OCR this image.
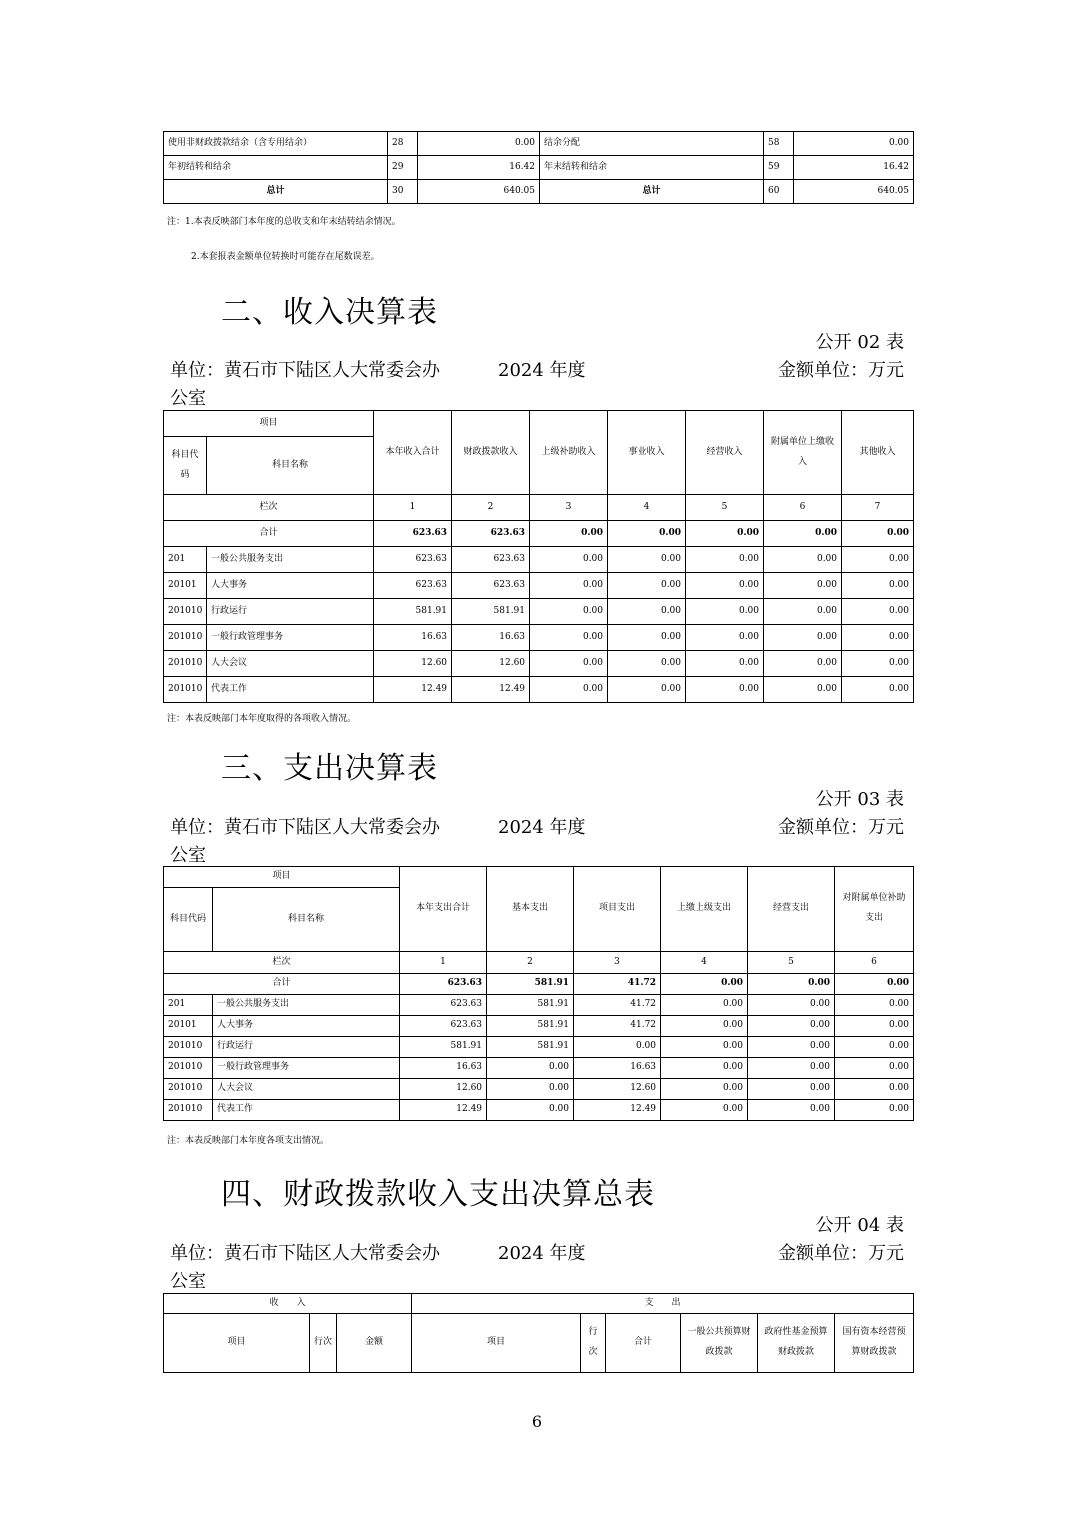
使用非财政拨款结余（含专用结余）	28	0.00	结余分配	58	0.00
年初结转和结余	29	16.42	年末结转和结余	59	16.42
总计	30	640.05	总计	60	640.05
注：1.本表反映部门本年度的总收支和年末结转结余情况。
2.本套报表金额单位转换时可能存在尾数误差。
二、收入决算表
公开 02 表
单位：黄石市下陆区人大常委会办	2024 年度	金额单位：万元
公室
项目		本年收入合计	财政拨款收入	上级补助收入	事业收入	经营收入	附属单位上缴收入	其他收入
科目代码	科目名称							
栏次		1	2	3	4	5	6	7
合计		623.63	623.63	0.00	0.00	0.00	0.00	0.00
201	一般公共服务支出	623.63	623.63	0.00	0.00	0.00	0.00	0.00
20101	人大事务	623.63	623.63	0.00	0.00	0.00	0.00	0.00
201010	行政运行	581.91	581.91	0.00	0.00	0.00	0.00	0.00
201010	一般行政管理事务	16.63	16.63	0.00	0.00	0.00	0.00	0.00
201010	人大会议	12.60	12.60	0.00	0.00	0.00	0.00	0.00
201010	代表工作	12.49	12.49	0.00	0.00	0.00	0.00	0.00
注：本表反映部门本年度取得的各项收入情况。
三、支出决算表
公开 03 表
单位：黄石市下陆区人大常委会办	2024 年度	金额单位：万元
公室
项目		本年支出合计	基本支出	项目支出	上缴上级支出	经营支出	对附属单位补助支出
科目代码	科目名称						
栏次		1	2	3	4	5	6
合计		623.63	581.91	41.72	0.00	0.00	0.00
201	一般公共服务支出	623.63	581.91	41.72	0.00	0.00	0.00
20101	人大事务	623.63	581.91	41.72	0.00	0.00	0.00
201010	行政运行	581.91	581.91	0.00	0.00	0.00	0.00
201010	一般行政管理事务	16.63	0.00	16.63	0.00	0.00	0.00
201010	人大会议	12.60	0.00	12.60	0.00	0.00	0.00
201010	代表工作	12.49	0.00	12.49	0.00	0.00	0.00
注：本表反映部门本年度各项支出情况。
四、财政拨款收入支出决算总表
公开 04 表
单位：黄石市下陆区人大常委会办	2024 年度	金额单位：万元
公室
收　　入			支　　出					
项目	行次	金额	项目	行次	合计	一般公共预算财政拨款	政府性基金预算财政拨款	国有资本经营预算财政拨款
6
